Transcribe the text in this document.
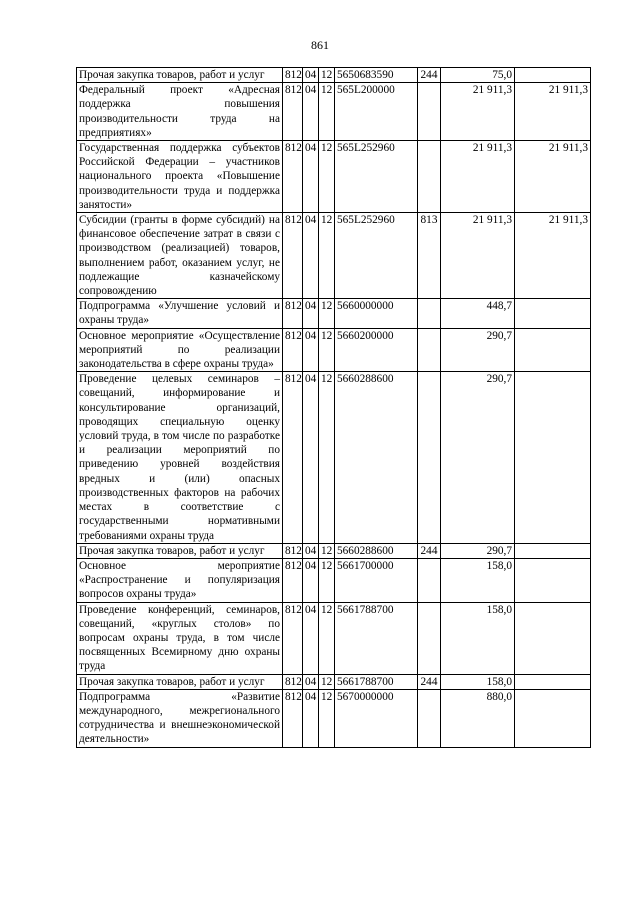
861
Прочая закупка товаров, работ и услуг	812	04	12	5650683590	244	75,0	
Федеральный проект «Адресная поддержка повышения производительности труда на предприятиях»	812	04	12	565L200000		21 911,3	21 911,3
Государственная поддержка субъектов Российской Федерации – участников национального проекта «Повышение производительности труда и поддержка занятости»	812	04	12	565L252960		21 911,3	21 911,3
Субсидии (гранты в форме субсидий) на финансовое обеспечение затрат в связи с производством (реализацией) товаров, выполнением работ, оказанием услуг, не подлежащие казначейскому сопровождению	812	04	12	565L252960	813	21 911,3	21 911,3
Подпрограмма «Улучшение условий и охраны труда»	812	04	12	5660000000		448,7	
Основное мероприятие «Осуществление мероприятий по реализации законодательства в сфере охраны труда»	812	04	12	5660200000		290,7	
Проведение целевых семинаров – совещаний, информирование и консультирование организаций, проводящих специальную оценку условий труда, в том числе по разработке и реализации мероприятий по приведению уровней воздействия вредных и (или) опасных производственных факторов на рабочих местах в соответствие с государственными нормативными требованиями охраны труда	812	04	12	5660288600		290,7	
Прочая закупка товаров, работ и услуг	812	04	12	5660288600	244	290,7	
Основное мероприятие «Распространение и популяризация вопросов охраны труда»	812	04	12	5661700000		158,0	
Проведение конференций, семинаров, совещаний, «круглых столов» по вопросам охраны труда, в том числе посвященных Всемирному дню охраны труда	812	04	12	5661788700		158,0	
Прочая закупка товаров, работ и услуг	812	04	12	5661788700	244	158,0	
Подпрограмма «Развитие международного, межрегионального сотрудничества и внешнеэкономической деятельности»	812	04	12	5670000000		880,0	
